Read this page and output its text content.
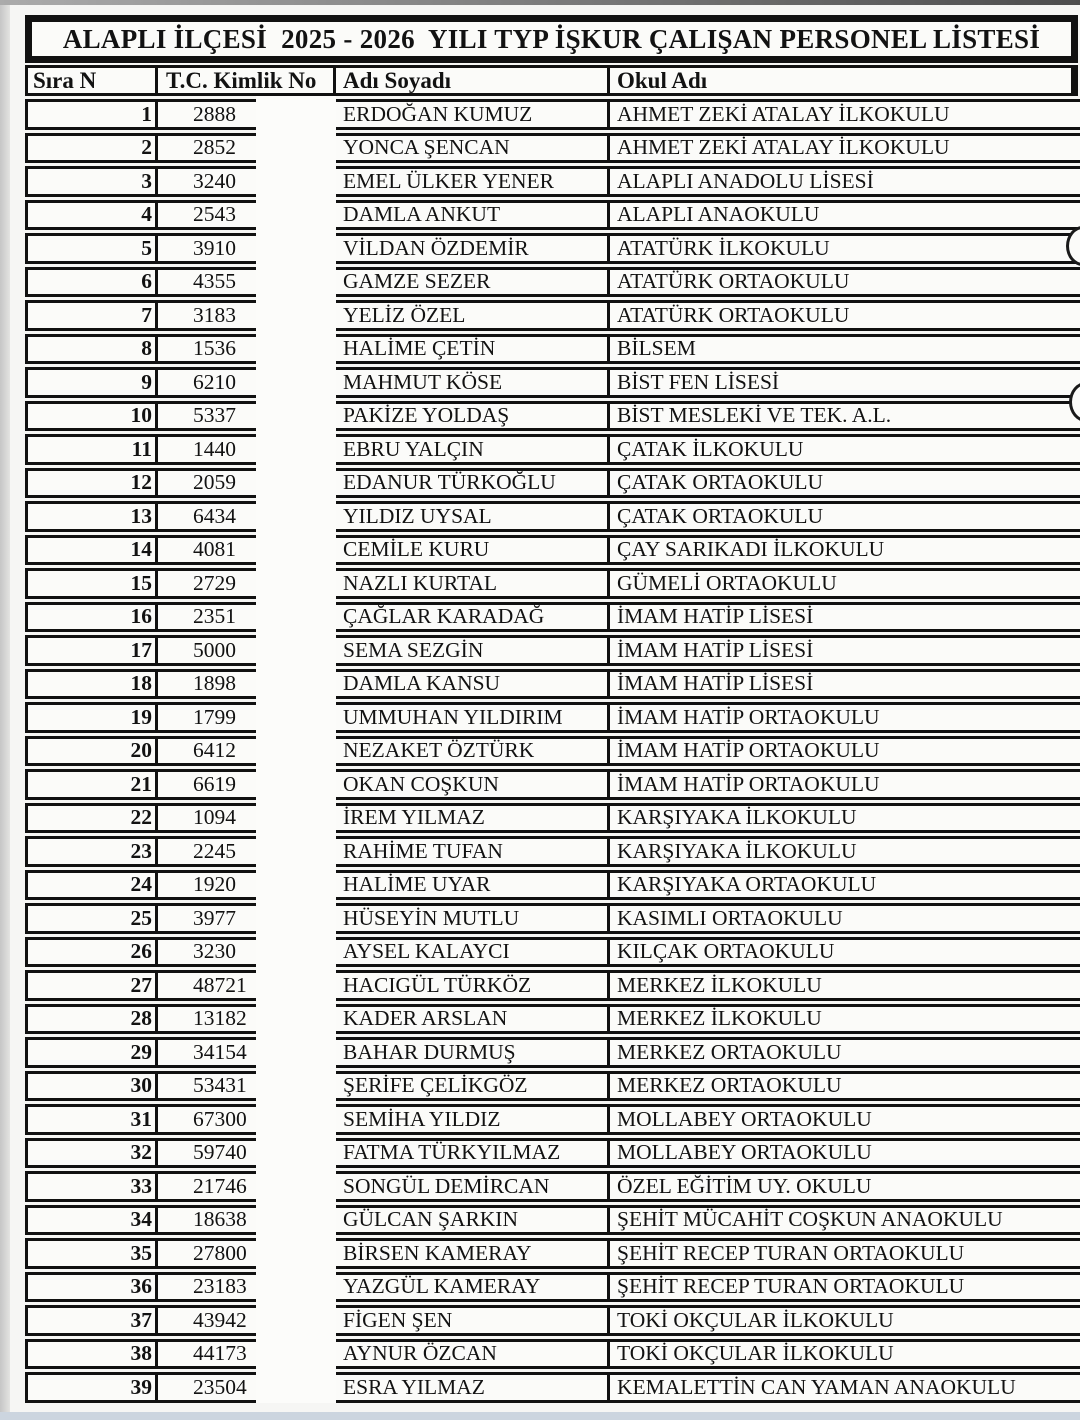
ALAPLI İLÇESİ  2025 - 2026  YILI TYP İŞKUR ÇALIŞAN PERSONEL LİSTESİ
Sıra N	T.C. Kimlik No	Adı Soyadı	Okul Adı
1	2888	ERDOĞAN KUMUZ	AHMET ZEKİ ATALAY İLKOKULU
2	2852	YONCA ŞENCAN	AHMET ZEKİ ATALAY İLKOKULU
3	3240	EMEL ÜLKER YENER	ALAPLI ANADOLU LİSESİ
4	2543	DAMLA ANKUT	ALAPLI ANAOKULU
5	3910	VİLDAN ÖZDEMİR	ATATÜRK İLKOKULU
6	4355	GAMZE SEZER	ATATÜRK ORTAOKULU
7	3183	YELİZ ÖZEL	ATATÜRK ORTAOKULU
8	1536	HALİME ÇETİN	BİLSEM
9	6210	MAHMUT KÖSE	BİST FEN LİSESİ
10	5337	PAKİZE YOLDAŞ	BİST MESLEKİ VE TEK. A.L.
11	1440	EBRU YALÇIN	ÇATAK İLKOKULU
12	2059	EDANUR TÜRKOĞLU	ÇATAK ORTAOKULU
13	6434	YILDIZ UYSAL	ÇATAK ORTAOKULU
14	4081	CEMİLE KURU	ÇAY SARIKADI İLKOKULU
15	2729	NAZLI KURTAL	GÜMELİ ORTAOKULU
16	2351	ÇAĞLAR KARADAĞ	İMAM HATİP LİSESİ
17	5000	SEMA SEZGİN	İMAM HATİP LİSESİ
18	1898	DAMLA KANSU	İMAM HATİP LİSESİ
19	1799	UMMUHAN YILDIRIM	İMAM HATİP ORTAOKULU
20	6412	NEZAKET ÖZTÜRK	İMAM HATİP ORTAOKULU
21	6619	OKAN COŞKUN	İMAM HATİP ORTAOKULU
22	1094	İREM YILMAZ	KARŞIYAKA İLKOKULU
23	2245	RAHİME TUFAN	KARŞIYAKA İLKOKULU
24	1920	HALİME UYAR	KARŞIYAKA ORTAOKULU
25	3977	HÜSEYİN MUTLU	KASIMLI ORTAOKULU
26	3230	AYSEL KALAYCI	KILÇAK ORTAOKULU
27	48721	HACIGÜL TÜRKÖZ	MERKEZ İLKOKULU
28	13182	KADER ARSLAN	MERKEZ İLKOKULU
29	34154	BAHAR DURMUŞ	MERKEZ ORTAOKULU
30	53431	ŞERİFE ÇELİKGÖZ	MERKEZ ORTAOKULU
31	67300	SEMİHA YILDIZ	MOLLABEY ORTAOKULU
32	59740	FATMA TÜRKYILMAZ	MOLLABEY ORTAOKULU
33	21746	SONGÜL DEMİRCAN	ÖZEL EĞİTİM UY. OKULU
34	18638	GÜLCAN ŞARKIN	ŞEHİT MÜCAHİT COŞKUN ANAOKULU
35	27800	BİRSEN KAMERAY	ŞEHİT RECEP TURAN ORTAOKULU
36	23183	YAZGÜL KAMERAY	ŞEHİT RECEP TURAN ORTAOKULU
37	43942	FİGEN ŞEN	TOKİ OKÇULAR İLKOKULU
38	44173	AYNUR ÖZCAN	TOKİ OKÇULAR İLKOKULU
39	23504	ESRA YILMAZ	KEMALETTİN CAN YAMAN ANAOKULU
